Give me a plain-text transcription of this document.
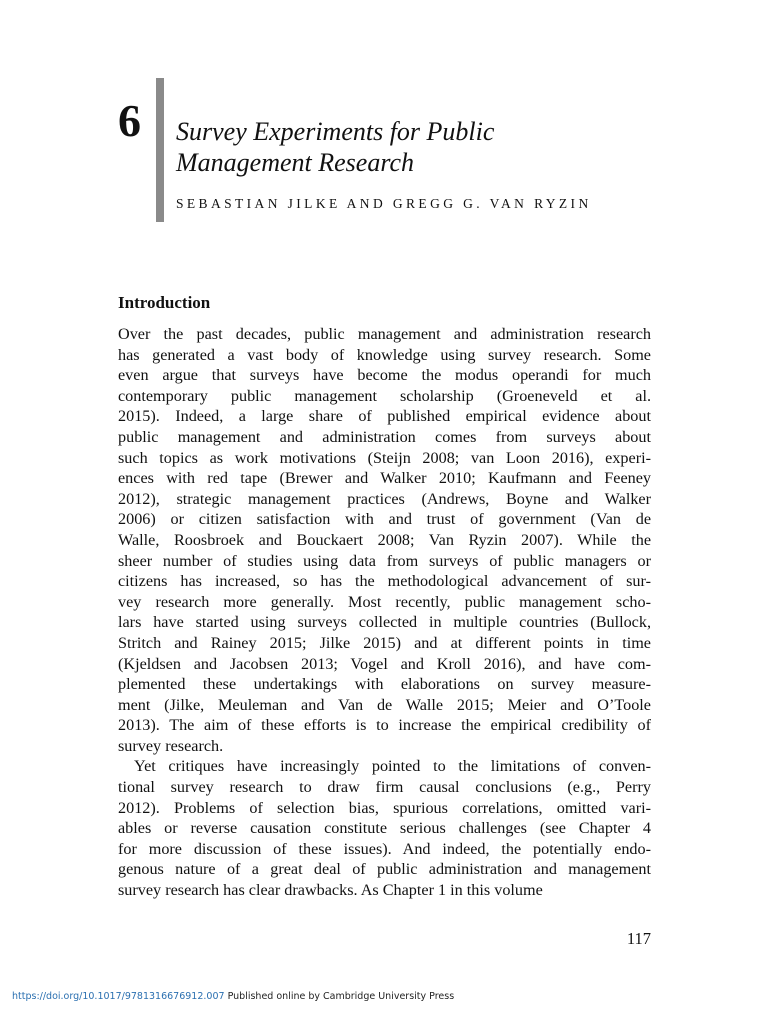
6 Survey Experiments for Public
Management Research
SEBASTIAN JILKE AND GREGG G. VAN RYZIN
Introduction
Over the past decades, public management and administration research
has generated a vast body of knowledge using survey research. Some
even argue that surveys have become the modus operandi for much
contemporary public management scholarship (Groeneveld et al.
2015). Indeed, a large share of published empirical evidence about
public management and administration comes from surveys about
such topics as work motivations (Steijn 2008; van Loon 2016), experi-
ences with red tape (Brewer and Walker 2010; Kaufmann and Feeney
2012), strategic management practices (Andrews, Boyne and Walker
2006) or citizen satisfaction with and trust of government (Van de
Walle, Roosbroek and Bouckaert 2008; Van Ryzin 2007). While the
sheer number of studies using data from surveys of public managers or
citizens has increased, so has the methodological advancement of sur-
vey research more generally. Most recently, public management scho-
lars have started using surveys collected in multiple countries (Bullock,
Stritch and Rainey 2015; Jilke 2015) and at different points in time
(Kjeldsen and Jacobsen 2013; Vogel and Kroll 2016), and have com-
plemented these undertakings with elaborations on survey measure-
ment (Jilke, Meuleman and Van de Walle 2015; Meier and O’Toole
2013). The aim of these efforts is to increase the empirical credibility of
survey research.
Yet critiques have increasingly pointed to the limitations of conven-
tional survey research to draw firm causal conclusions (e.g., Perry
2012). Problems of selection bias, spurious correlations, omitted vari-
ables or reverse causation constitute serious challenges (see Chapter 4
for more discussion of these issues). And indeed, the potentially endo-
genous nature of a great deal of public administration and management
survey research has clear drawbacks. As Chapter 1 in this volume
117
https://doi.org/10.1017/9781316676912.007 Published online by Cambridge University Press
